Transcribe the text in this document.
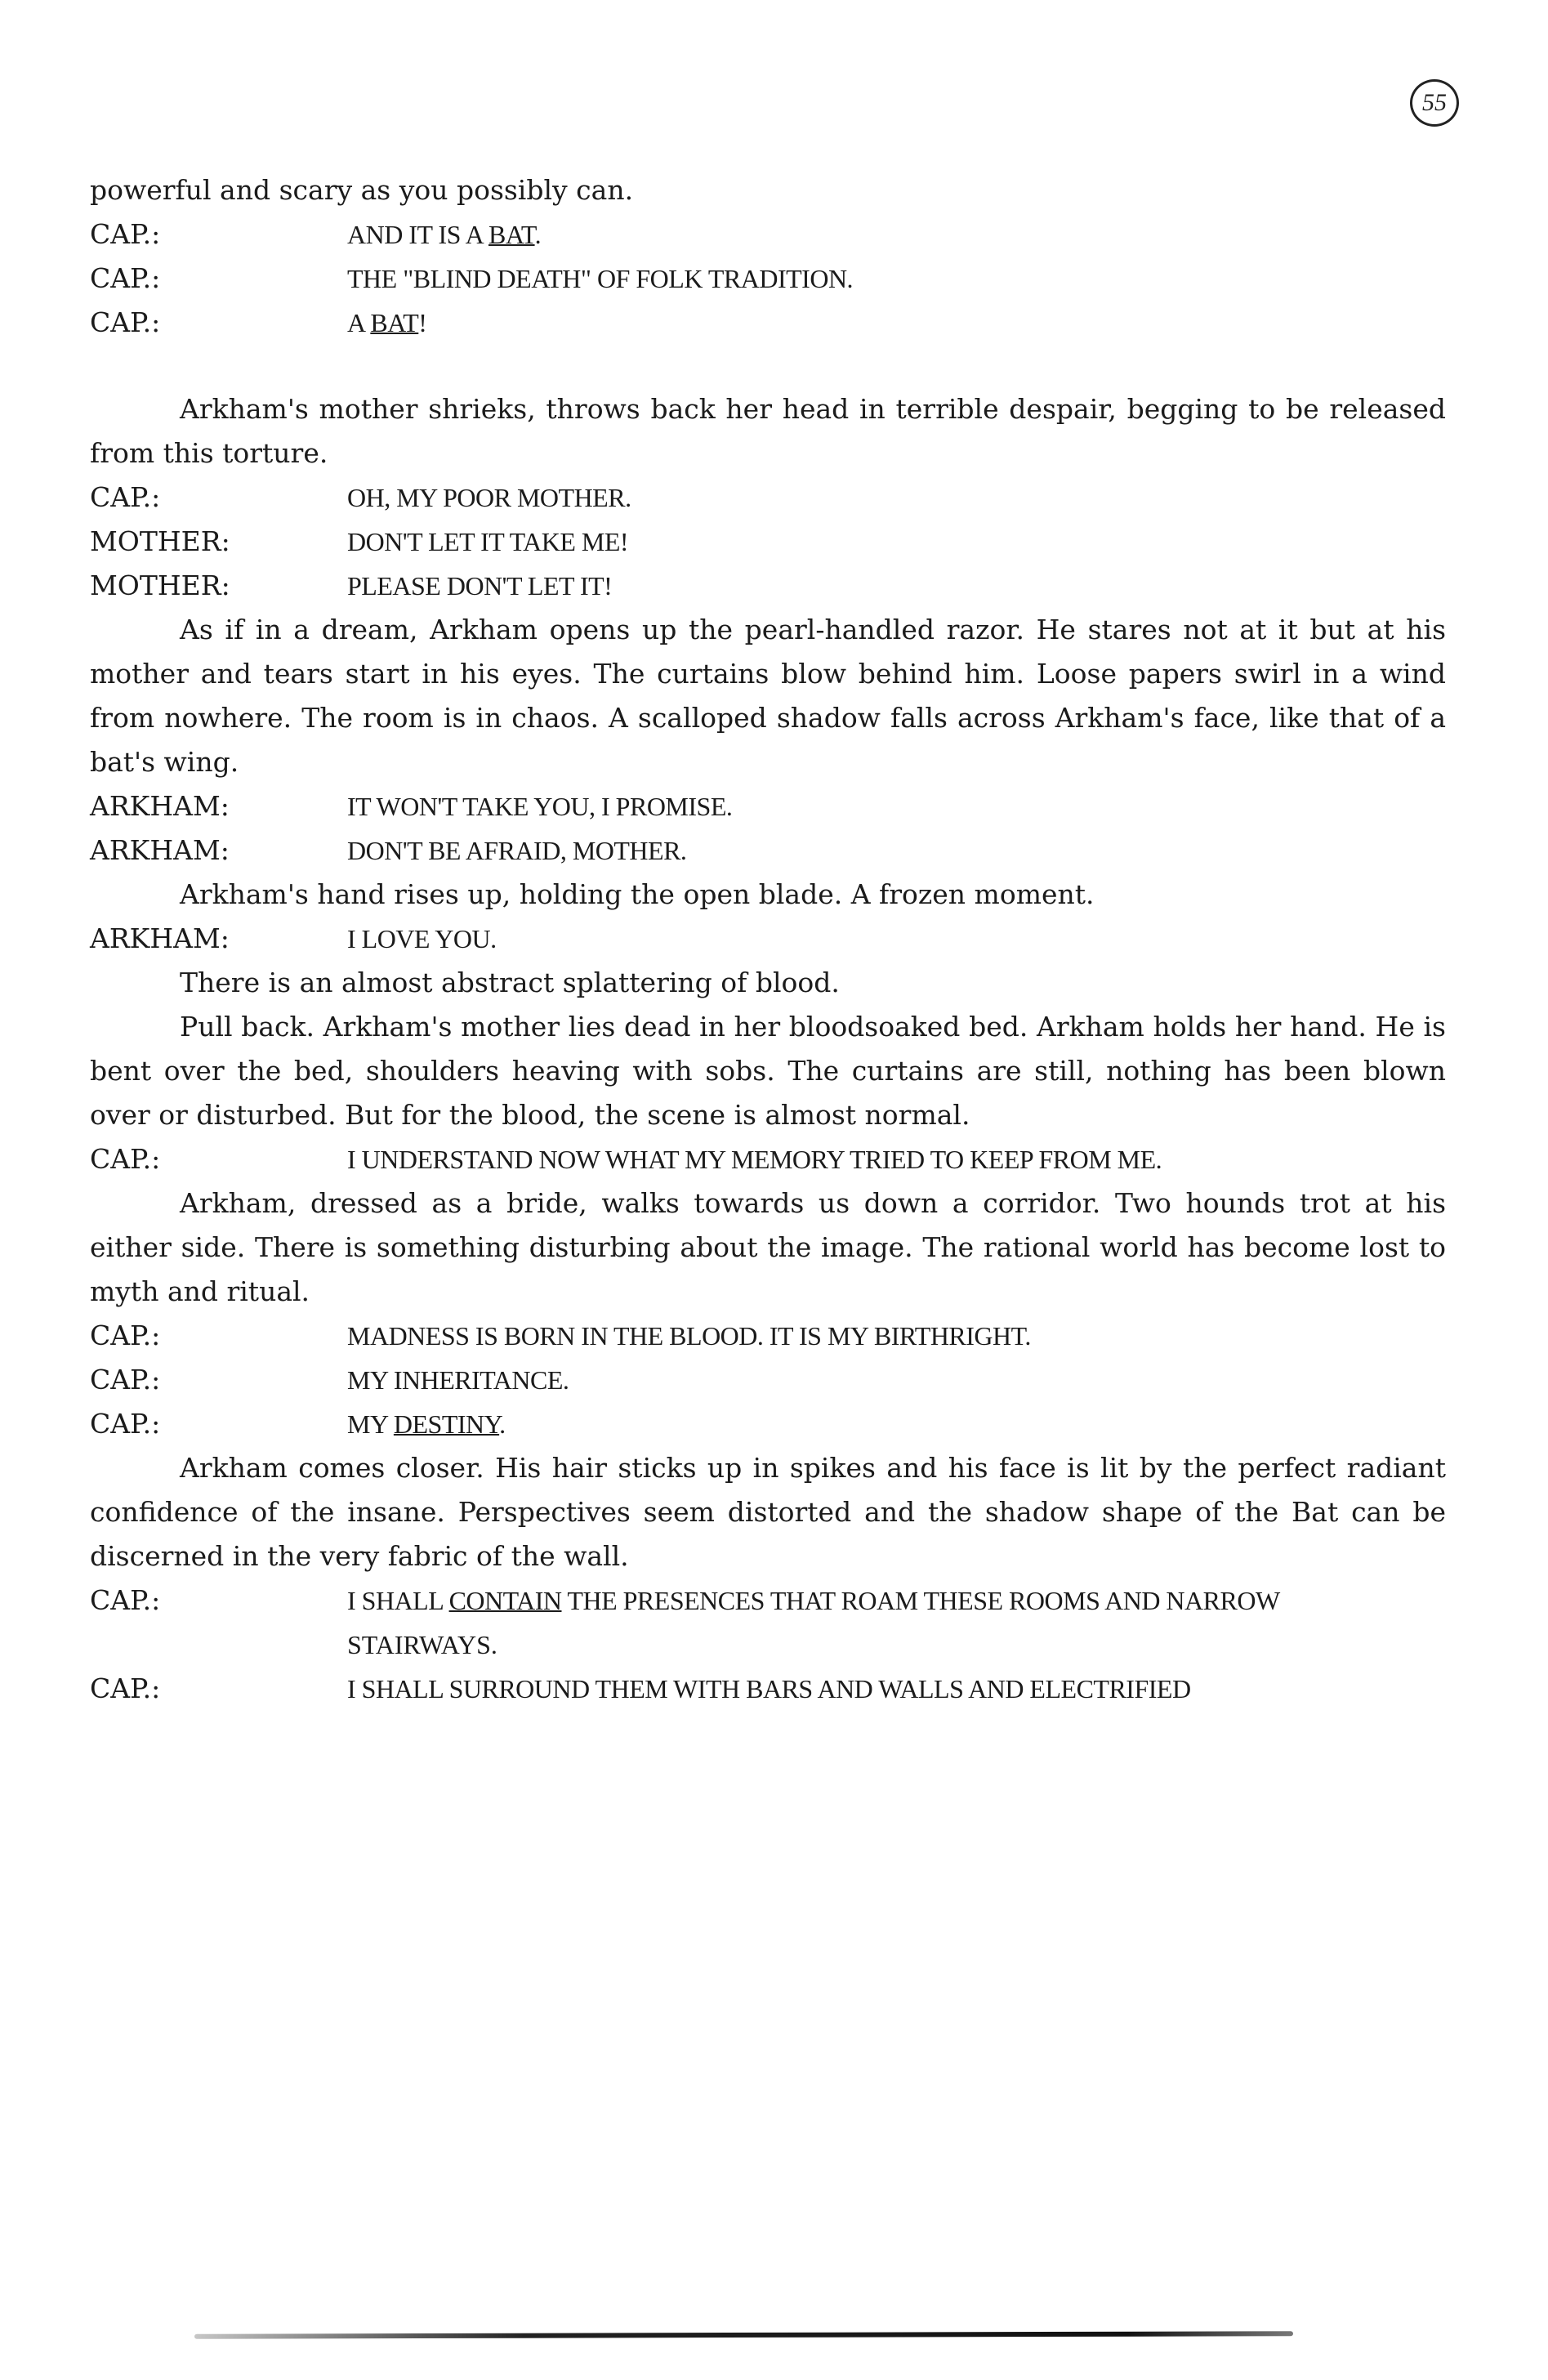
55
powerful and scary as you possibly can.
CAP.:	AND IT IS A BAT.
CAP.:	THE "BLIND DEATH" OF FOLK TRADITION.
CAP.:	A BAT!

Arkham's mother shrieks, throws back her head in terrible despair, begging to be released from this torture.

CAP.:	OH, MY POOR MOTHER.
MOTHER:	DON'T LET IT TAKE ME!
MOTHER:	PLEASE DON'T LET IT!

As if in a dream, Arkham opens up the pearl-handled razor. He stares not at it but at his mother and tears start in his eyes. The curtains blow behind him. Loose papers swirl in a wind from nowhere. The room is in chaos. A scalloped shadow falls across Arkham's face, like that of a bat's wing.

ARKHAM:	IT WON'T TAKE YOU, I PROMISE.
ARKHAM:	DON'T BE AFRAID, MOTHER.

Arkham's hand rises up, holding the open blade. A frozen moment.

ARKHAM:	I LOVE YOU.

There is an almost abstract splattering of blood.

Pull back. Arkham's mother lies dead in her bloodsoaked bed. Arkham holds her hand. He is bent over the bed, shoulders heaving with sobs. The curtains are still, nothing has been blown over or disturbed. But for the blood, the scene is almost normal.

CAP.:	I UNDERSTAND NOW WHAT MY MEMORY TRIED TO KEEP FROM ME.

Arkham, dressed as a bride, walks towards us down a corridor. Two hounds trot at his either side. There is something disturbing about the image. The rational world has become lost to myth and ritual.

CAP.:	MADNESS IS BORN IN THE BLOOD. IT IS MY BIRTHRIGHT.
CAP.:	MY INHERITANCE.
CAP.:	MY DESTINY.

Arkham comes closer. His hair sticks up in spikes and his face is lit by the perfect radiant confidence of the insane. Perspectives seem distorted and the shadow shape of the Bat can be discerned in the very fabric of the wall.

CAP.:	I SHALL CONTAIN THE PRESENCES THAT ROAM THESE ROOMS AND NARROW
STAIRWAYS.
CAP.:	I SHALL SURROUND THEM WITH BARS AND WALLS AND ELECTRIFIED
